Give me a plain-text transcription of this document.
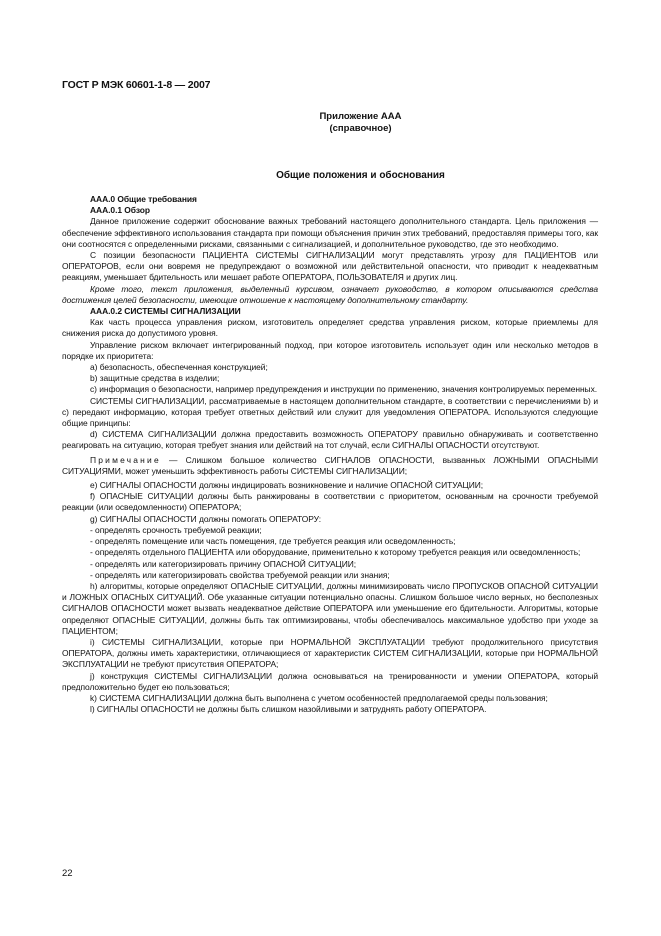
ГОСТ Р МЭК 60601-1-8 — 2007
Приложение ААА
(справочное)
Общие положения и обоснования

ААА.0 Общие требования

ААА.0.1 Обзор

Данное приложение содержит обоснование важных требований настоящего дополнительного стандарта. Цель приложения — обеспечение эффективного использования стандарта при помощи объяснения причин этих требований, предоставляя примеры того, как они соотносятся с определенными рисками, связанными с сигнализацией, и дополнительное руководство, где это необходимо.

С позиции безопасности ПАЦИЕНТА СИСТЕМЫ СИГНАЛИЗАЦИИ могут представлять угрозу для ПАЦИЕНТОВ или ОПЕРАТОРОВ, если они вовремя не предупреждают о возможной или действительной опасности, что приводит к неадекватным реакциям, уменьшает бдительность или мешает работе ОПЕРАТОРА, ПОЛЬЗОВАТЕЛЯ и других лиц.

Кроме того, текст приложения, выделенный курсивом, означает руководство, в котором описываются средства достижения целей безопасности, имеющие отношение к настоящему дополнительному стандарту.

ААА.0.2 СИСТЕМЫ СИГНАЛИЗАЦИИ

Как часть процесса управления риском, изготовитель определяет средства управления риском, которые приемлемы для снижения риска до допустимого уровня.

Управление риском включает интегрированный подход, при которое изготовитель использует один или несколько методов в порядке их приоритета:

а) безопасность, обеспеченная конструкцией;

b) защитные средства в изделии;

с) информация о безопасности, например предупреждения и инструкции по применению, значения контролируемых переменных.

СИСТЕМЫ СИГНАЛИЗАЦИИ, рассматриваемые в настоящем дополнительном стандарте, в соответствии с перечислениями b) и с) передают информацию, которая требует ответных действий или служит для уведомления ОПЕРАТОРА. Используются следующие общие принципы:

d) СИСТЕМА СИГНАЛИЗАЦИИ должна предоставить возможность ОПЕРАТОРУ правильно обнаруживать и соответственно реагировать на ситуацию, которая требует знания или действий на тот случай, если СИГНАЛЫ ОПАСНОСТИ отсутствуют.

Примечание — Слишком большое количество СИГНАЛОВ ОПАСНОСТИ, вызванных ЛОЖНЫМИ ОПАСНЫМИ СИТУАЦИЯМИ, может уменьшить эффективность работы СИСТЕМЫ СИГНАЛИЗАЦИИ;

е) СИГНАЛЫ ОПАСНОСТИ должны индицировать возникновение и наличие ОПАСНОЙ СИТУАЦИИ;

f) ОПАСНЫЕ СИТУАЦИИ должны быть ранжированы в соответствии с приоритетом, основанным на срочности требуемой реакции (или осведомленности) ОПЕРАТОРА;

g) СИГНАЛЫ ОПАСНОСТИ должны помогать ОПЕРАТОРУ:

- определять срочность требуемой реакции;

- определять помещение или часть помещения, где требуется реакция или осведомленность;

- определять отдельного ПАЦИЕНТА или оборудование, применительно к которому требуется реакция или осведомленность;

- определять или категоризировать причину ОПАСНОЙ СИТУАЦИИ;

- определять или категоризировать свойства требуемой реакции или знания;

h) алгоритмы, которые определяют ОПАСНЫЕ СИТУАЦИИ, должны минимизировать число ПРОПУСКОВ ОПАСНОЙ СИТУАЦИИ и ЛОЖНЫХ ОПАСНЫХ СИТУАЦИЙ. Обе указанные ситуации потенциально опасны. Слишком большое число верных, но бесполезных СИГНАЛОВ ОПАСНОСТИ может вызвать неадекватное действие ОПЕРАТОРА или уменьшение его бдительности. Алгоритмы, которые определяют ОПАСНЫЕ СИТУАЦИИ, должны быть так оптимизированы, чтобы обеспечивалось максимальное удобство при уходе за ПАЦИЕНТОМ;

i) СИСТЕМЫ СИГНАЛИЗАЦИИ, которые при НОРМАЛЬНОЙ ЭКСПЛУАТАЦИИ требуют продолжительного присутствия ОПЕРАТОРА, должны иметь характеристики, отличающиеся от характеристик СИСТЕМ СИГНАЛИЗАЦИИ, которые при НОРМАЛЬНОЙ ЭКСПЛУАТАЦИИ не требуют присутствия ОПЕРАТОРА;

j) конструкция СИСТЕМЫ СИГНАЛИЗАЦИИ должна основываться на тренированности и умении ОПЕРАТОРА, который предположительно будет ею пользоваться;

k) СИСТЕМА СИГНАЛИЗАЦИИ должна быть выполнена с учетом особенностей предполагаемой среды пользования;

l) СИГНАЛЫ ОПАСНОСТИ не должны быть слишком назойливыми и затруднять работу ОПЕРАТОРА.

22
